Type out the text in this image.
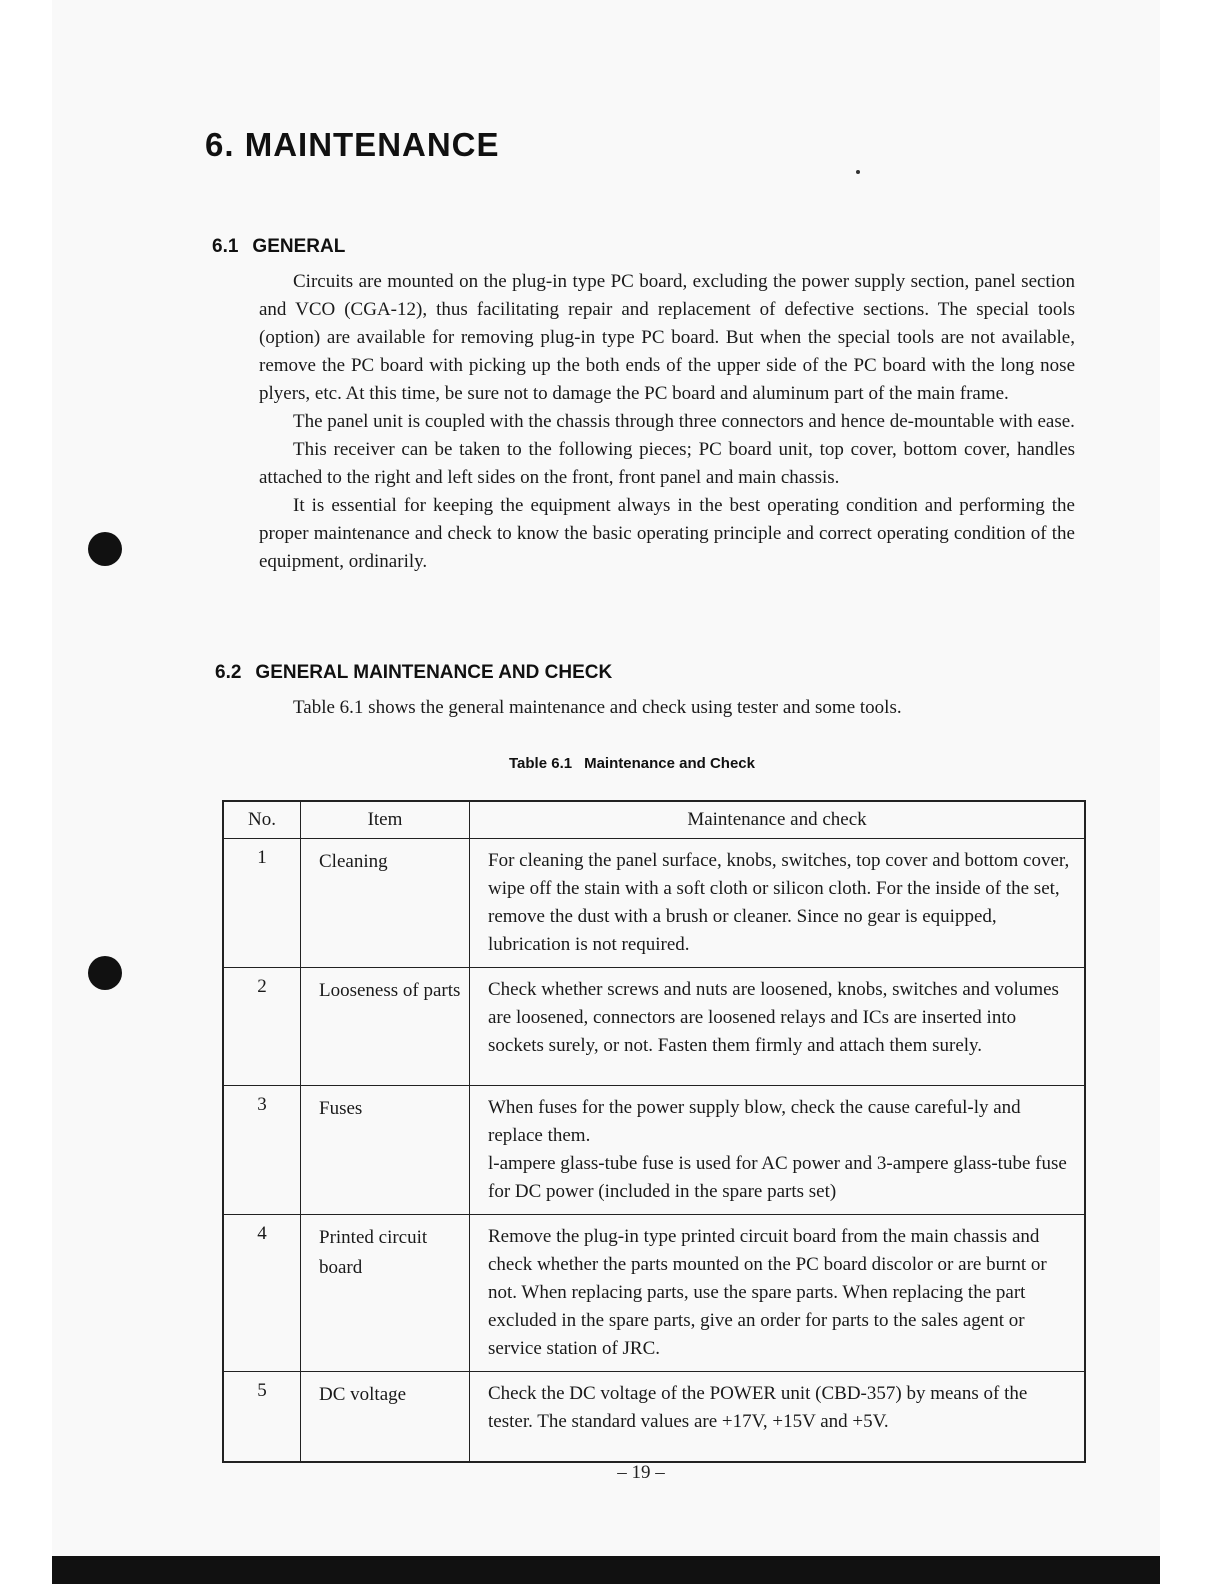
6. MAINTENANCE
6.1 GENERAL

Circuits are mounted on the plug-in type PC board, excluding the power supply section, panel section and VCO (CGA-12), thus facilitating repair and replacement of defective sections. The special tools (option) are available for removing plug-in type PC board. But when the special tools are not available, remove the PC board with picking up the both ends of the upper side of the PC board with the long nose plyers, etc. At this time, be sure not to damage the PC board and aluminum part of the main frame.

The panel unit is coupled with the chassis through three connectors and hence de-mountable with ease.

This receiver can be taken to the following pieces; PC board unit, top cover, bottom cover, handles attached to the right and left sides on the front, front panel and main chassis.

It is essential for keeping the equipment always in the best operating condition and performing the proper maintenance and check to know the basic operating principle and correct operating condition of the equipment, ordinarily.

6.2 GENERAL MAINTENANCE AND CHECK

Table 6.1 shows the general maintenance and check using tester and some tools.

Table 6.1 Maintenance and Check
No.	Item	Maintenance and check
1	Cleaning	For cleaning the panel surface, knobs, switches, top cover and bottom cover, wipe off the stain with a soft cloth or silicon cloth. For the inside of the set, remove the dust with a brush or cleaner. Since no gear is equipped, lubrication is not required.
2	Looseness of parts	Check whether screws and nuts are loosened, knobs, switches and volumes are loosened, connectors are loosened relays and ICs are inserted into sockets surely, or not. Fasten them firmly and attach them surely.
3	Fuses	When fuses for the power supply blow, check the cause careful-ly and replace them.
l-ampere glass-tube fuse is used for AC power and 3-ampere glass-tube fuse for DC power (included in the spare parts set)

4	Printed circuit board	Remove the plug-in type printed circuit board from the main chassis and check whether the parts mounted on the PC board discolor or are burnt or not. When replacing parts, use the spare parts. When replacing the part excluded in the spare parts, give an order for parts to the sales agent or service station of JRC.
5	DC voltage	Check the DC voltage of the POWER unit (CBD-357) by means of the tester. The standard values are +17V, +15V and +5V.
– 19 –
